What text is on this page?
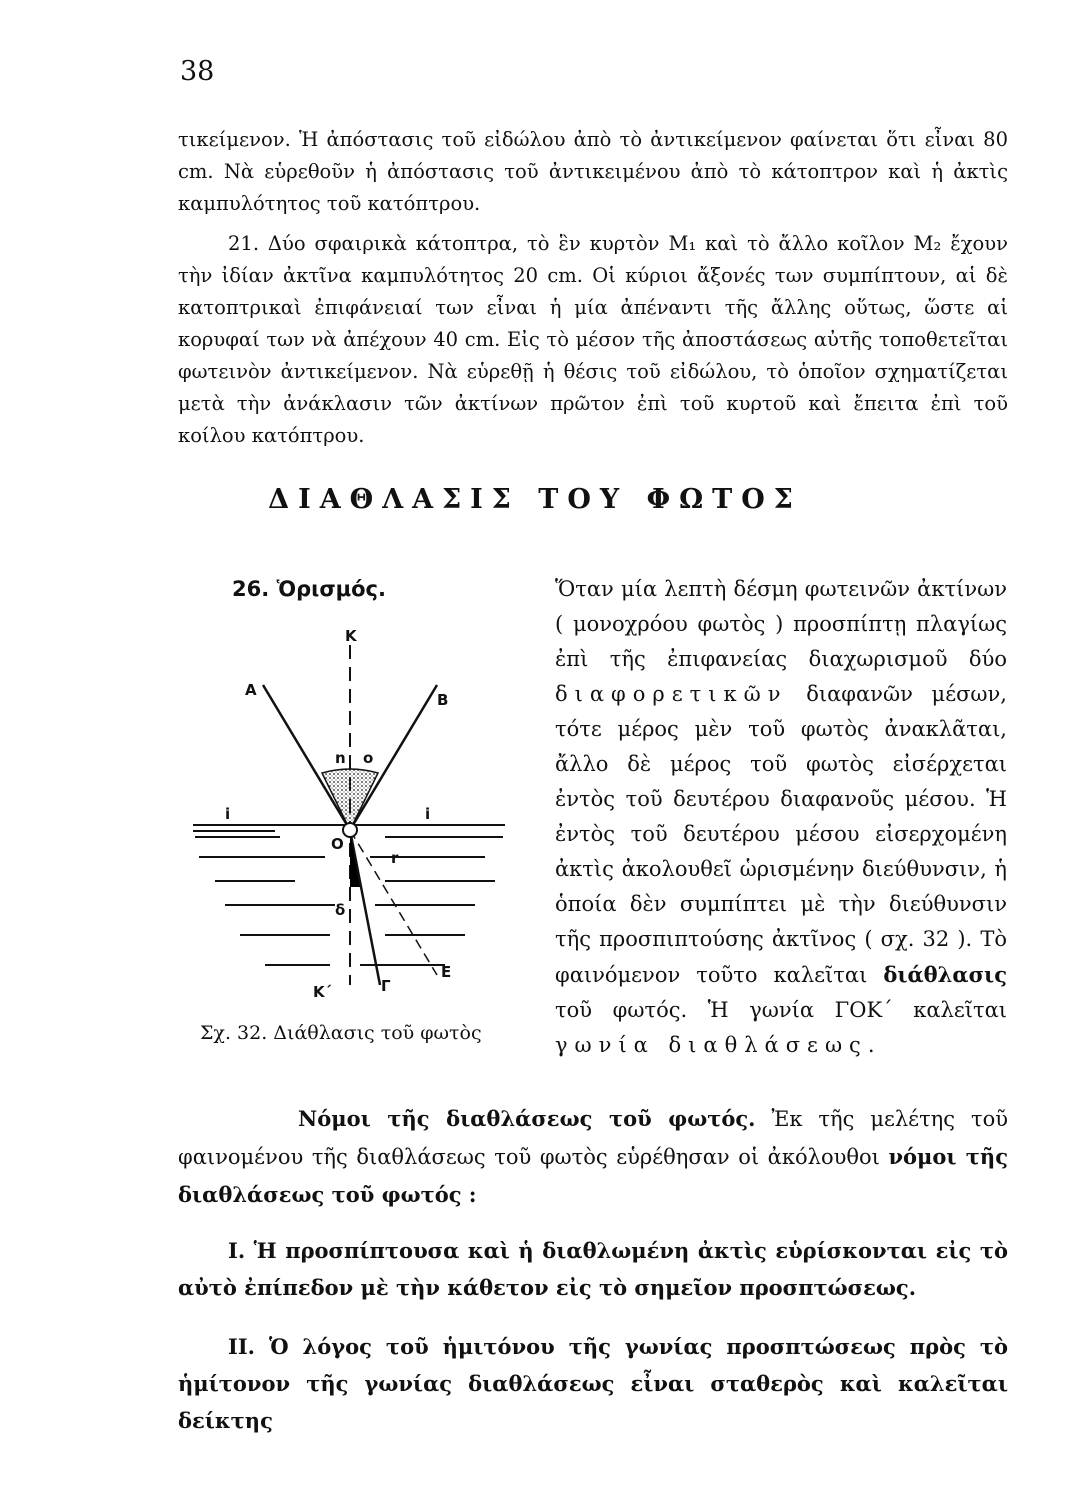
38

τικείμενον. Ἡ ἀπόστασις τοῦ εἰδώλου ἀπὸ τὸ ἀντικείμενον φαίνεται ὅτι εἶναι 80 cm. Νὰ εὑρεθοῦν ἡ ἀπόστασις τοῦ ἀντικειμένου ἀπὸ τὸ κάτοπτρον καὶ ἡ ἀκτὶς καμπυλότητος τοῦ κατόπτρου.

21. Δύο σφαιρικὰ κάτοπτρα, τὸ ἓν κυρτὸν M₁ καὶ τὸ ἄλλο κοῖλον M₂ ἔχουν τὴν ἰδίαν ἀκτῖνα καμπυλότητος 20 cm. Οἱ κύριοι ἄξονές των συμπίπτουν, αἱ δὲ κατοπτρικαὶ ἐπιφάνειαί των εἶναι ἡ μία ἀπέναντι τῆς ἄλλης οὕτως, ὥστε αἱ κορυφαί των νὰ ἀπέχουν 40 cm. Εἰς τὸ μέσον τῆς ἀποστάσεως αὐτῆς τοποθετεῖται φωτεινὸν ἀντικείμενον. Νὰ εὑρεθῇ ἡ θέσις τοῦ εἰδώλου, τὸ ὁποῖον σχηματίζεται μετὰ τὴν ἀνάκλασιν τῶν ἀκτίνων πρῶτον ἐπὶ τοῦ κυρτοῦ καὶ ἔπειτα ἐπὶ τοῦ κοίλου κατόπτρου.

ΔΙΑΘΛΑΣΙΣ ΤΟΥ ΦΩΤΟΣ
26. Ὁρισμός.	Ὅταν μία λεπτὴ δέσμη φωτεινῶν ἀκτίνων ( μονοχρόου φωτὸς ) προσπίπτῃ πλαγίως ἐπὶ τῆς ἐπιφανείας διαχωρισμοῦ δύο διαφορετικῶν διαφανῶν μέσων, τότε μέρος μὲν τοῦ φωτὸς ἀνακλᾶται, ἄλλο δὲ μέρος τοῦ φωτὸς εἰσέρχεται ἐντὸς τοῦ δευτέρου διαφανοῦς μέσου. Ἡ ἐντὸς τοῦ δευτέρου μέσου εἰσερχομένη ἀκτὶς ἀκολουθεῖ ὡρισμένην διεύθυνσιν, ἡ ὁποία δὲν συμπίπτει μὲ τὴν διεύθυνσιν τῆς προσπιπτούσης ἀκτῖνος ( σχ. 32 ). Τὸ φαινόμενον τοῦτο καλεῖται διάθλασις τοῦ φωτός. Ἡ γωνία ΓΟΚ΄ καλεῖται γωνία διαθλάσεως.

K
A
B
n o
O
i
i
r
δ
K΄	Γ
E
Σχ. 32. Διάθλασις τοῦ φωτὸς

Νόμοι τῆς διαθλάσεως τοῦ φωτός. Ἐκ τῆς μελέτης τοῦ φαινομένου τῆς διαθλάσεως τοῦ φωτὸς εὑρέθησαν οἱ ἀκόλουθοι νόμοι τῆς διαθλάσεως τοῦ φωτός :

I. Ἡ προσπίπτουσα καὶ ἡ διαθλωμένη ἀκτὶς εὑρίσκονται εἰς τὸ αὐτὸ ἐπίπεδον μὲ τὴν κάθετον εἰς τὸ σημεῖον προσπτώσεως.

II. Ὁ λόγος τοῦ ἡμιτόνου τῆς γωνίας προσπτώσεως πρὸς τὸ ἡμίτονον τῆς γωνίας διαθλάσεως εἶναι σταθερὸς καὶ καλεῖται δείκτης
